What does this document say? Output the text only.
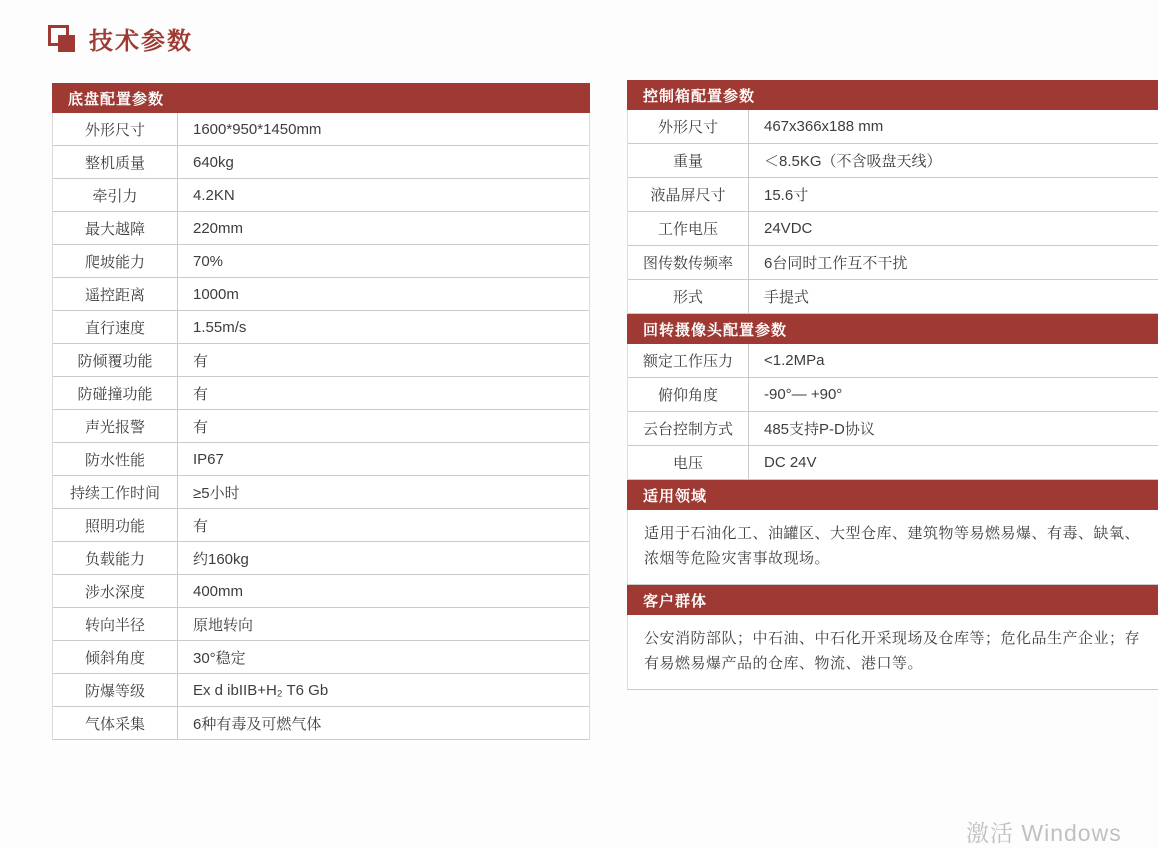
技术参数
底盘配置参数
外形尺寸	1600*950*1450mm
整机质量	640kg
牵引力	4.2KN
最大越障	220mm
爬坡能力	70%
遥控距离	1000m
直行速度	1.55m/s
防倾覆功能	有
防碰撞功能	有
声光报警	有
防水性能	IP67
持续工作时间	≥5小时
照明功能	有
负载能力	约160kg
涉水深度	400mm
转向半径	原地转向
倾斜角度	30°稳定
防爆等级	Ex d ibIIB+H₂ T6 Gb
气体采集	6种有毒及可燃气体
控制箱配置参数
外形尺寸	467x366x188 mm
重量	＜8.5KG（不含吸盘天线）
液晶屏尺寸	15.6寸
工作电压	24VDC
图传数传频率	6台同时工作互不干扰
形式	手提式
回转摄像头配置参数
额定工作压力	<1.2MPa
俯仰角度	-90°— +90°
云台控制方式	485支持P-D协议
电压	DC 24V
适用领域
适用于石油化工、油罐区、大型仓库、建筑物等易燃易爆、有毒、缺氧、浓烟等危险灾害事故现场。
客户群体
公安消防部队；中石油、中石化开采现场及仓库等；危化品生产企业；存有易燃易爆产品的仓库、物流、港口等。
激活 Windows
